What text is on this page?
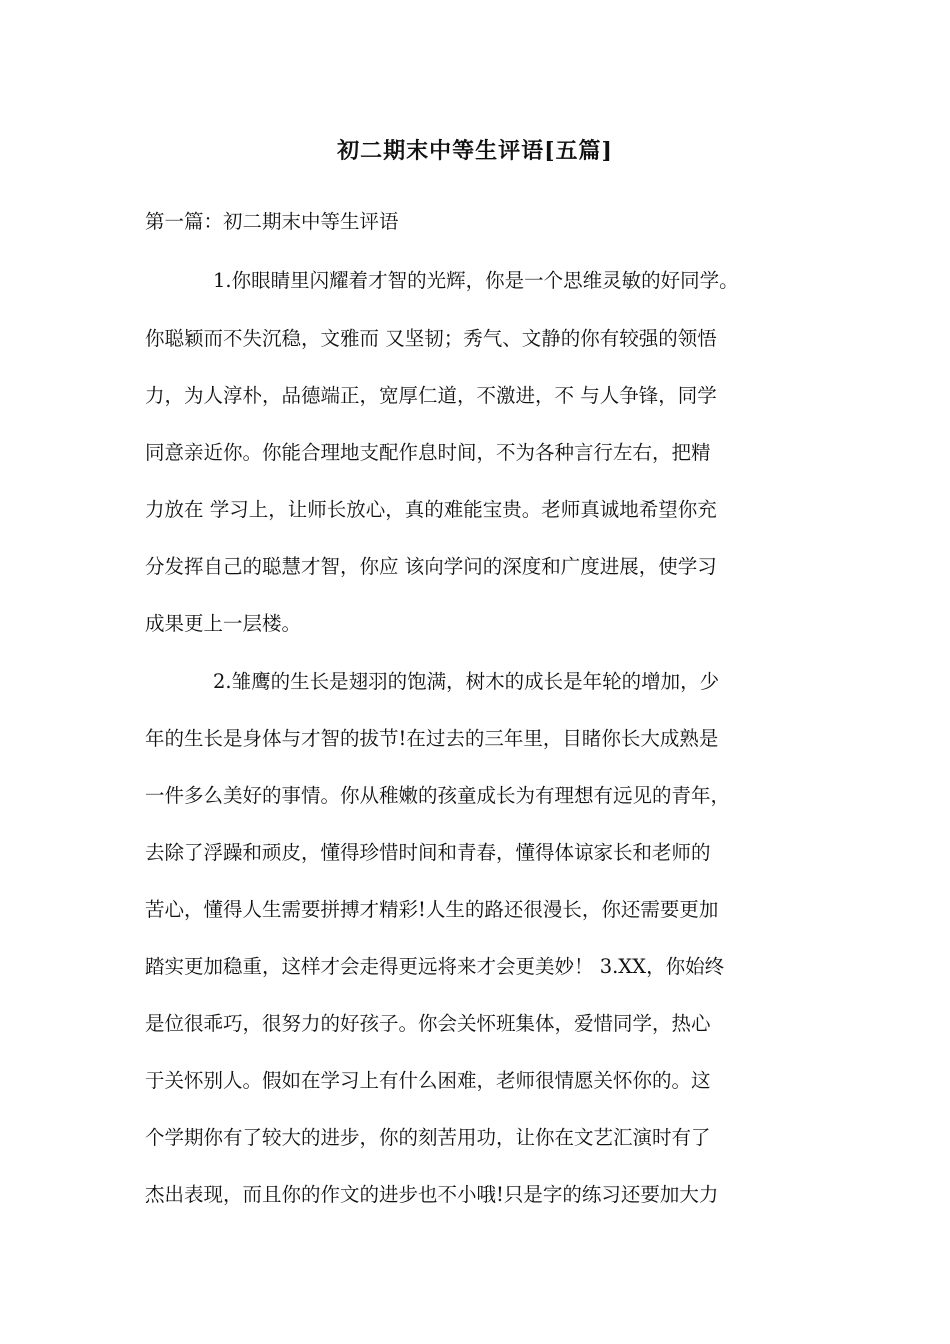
初二期末中等生评语[五篇]

第一篇：初二期末中等生评语

1.你眼睛里闪耀着才智的光辉，你是一个思维灵敏的好同学。

你聪颖而不失沉稳，文雅而 又坚韧；秀气、文静的你有较强的领悟

力，为人淳朴，品德端正，宽厚仁道，不激进，不 与人争锋，同学

同意亲近你。你能合理地支配作息时间，不为各种言行左右，把精

力放在 学习上，让师长放心，真的难能宝贵。老师真诚地希望你充

分发挥自己的聪慧才智，你应 该向学问的深度和广度进展，使学习

成果更上一层楼。

2.雏鹰的生长是翅羽的饱满，树木的成长是年轮的增加，少

年的生长是身体与才智的拔节!在过去的三年里，目睹你长大成熟是

一件多么美好的事情。你从稚嫩的孩童成长为有理想有远见的青年，

去除了浮躁和顽皮，懂得珍惜时间和青春，懂得体谅家长和老师的

苦心，懂得人生需要拼搏才精彩!人生的路还很漫长，你还需要更加

踏实更加稳重，这样才会走得更远将来才会更美妙！ 3.XX，你始终

是位很乖巧，很努力的好孩子。你会关怀班集体，爱惜同学，热心

于关怀别人。假如在学习上有什么困难，老师很情愿关怀你的。这

个学期你有了较大的进步，你的刻苦用功，让你在文艺汇演时有了

杰出表现，而且你的作文的进步也不小哦!只是字的练习还要加大力
